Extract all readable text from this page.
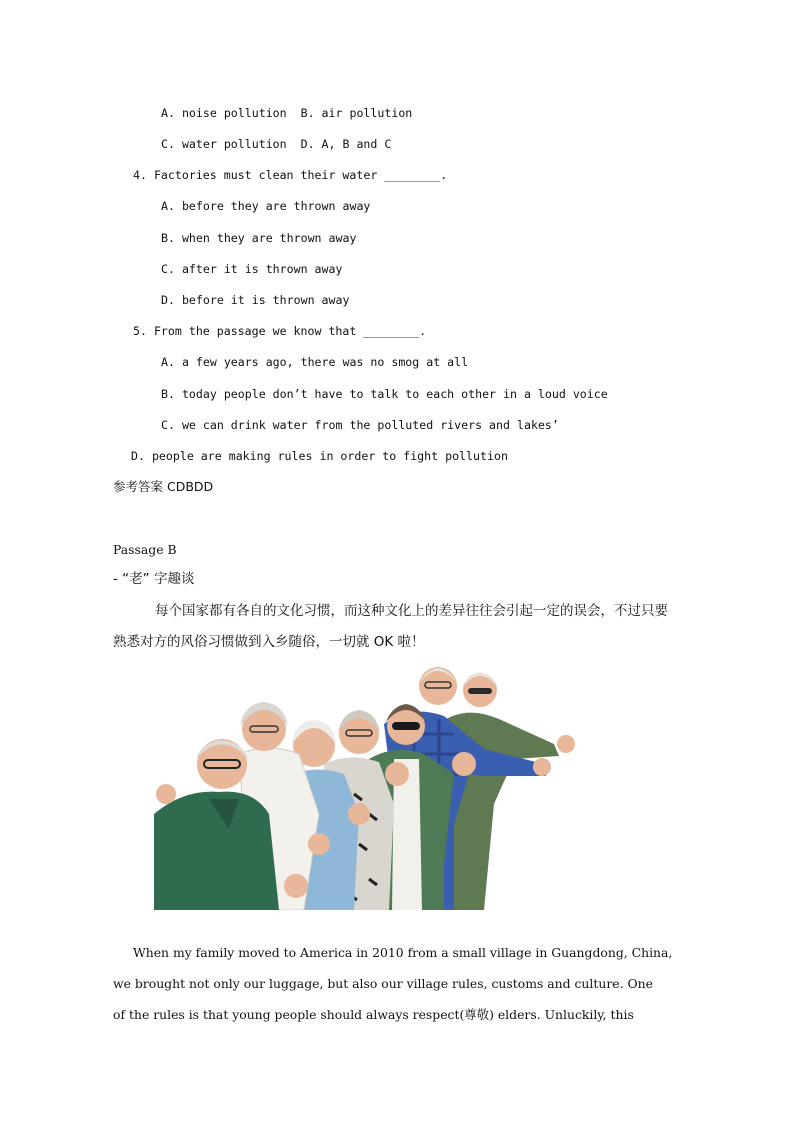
A. noise pollution  B. air pollution
C. water pollution  D. A, B and C
4. Factories must clean their water ________.
A. before they are thrown away
B. when they are thrown away
C. after it is thrown away
D. before it is thrown away
5. From the passage we know that ________.
A. a few years ago, there was no smog at all
B. today people don’t have to talk to each other in a loud voice
C. we can drink water from the polluted rivers and lakes’
D. people are making rules in order to fight pollution
参考答案 CDBDD
Passage B
- “老” 字趣谈
每个国家都有各自的文化习惯，而这种文化上的差异往往会引起一定的误会，不过只要
熟悉对方的风俗习惯做到入乡随俗，一切就 OK 啦！
When my family moved to America in 2010 from a small village in Guangdong, China,
we brought not only our luggage, but also our village rules, customs and culture. One
of the rules is that young people should always respect(尊敬) elders. Unluckily, this
